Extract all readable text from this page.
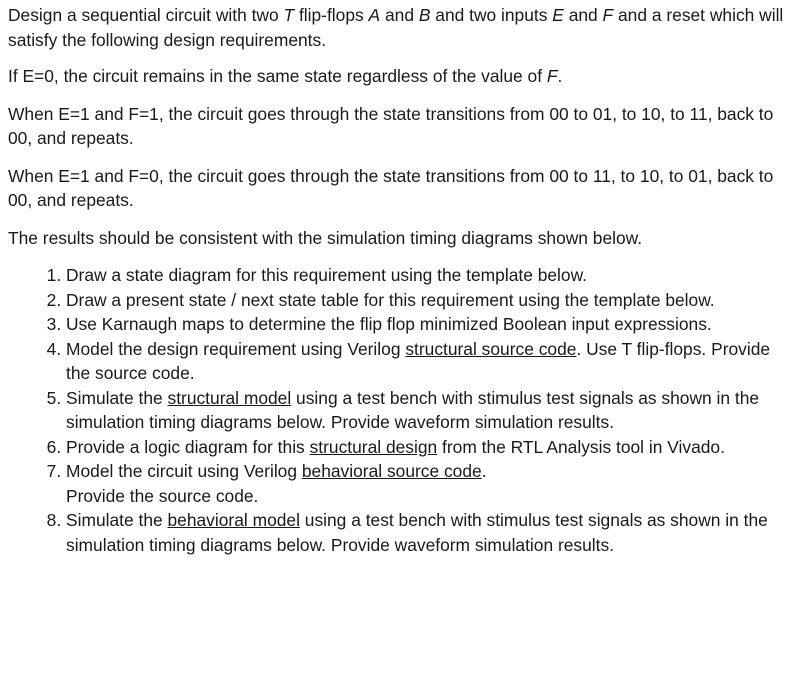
Design a sequential circuit with two T flip-flops A and B and two inputs E and F and a reset which will satisfy the following design requirements.

If E=0, the circuit remains in the same state regardless of the value of F.

When E=1 and F=1, the circuit goes through the state transitions from 00 to 01, to 10, to 11, back to 00, and repeats.

When E=1 and F=0, the circuit goes through the state transitions from 00 to 11, to 10, to 01, back to 00, and repeats.

The results should be consistent with the simulation timing diagrams shown below.

1. Draw a state diagram for this requirement using the template below.
2. Draw a present state / next state table for this requirement using the template below.
3. Use Karnaugh maps to determine the flip flop minimized Boolean input expressions.
4. Model the design requirement using Verilog structural source code. Use T flip-flops. Provide the source code.
5. Simulate the structural model using a test bench with stimulus test signals as shown in the simulation timing diagrams below. Provide waveform simulation results.
6. Provide a logic diagram for this structural design from the RTL Analysis tool in Vivado.
7. Model the circuit using Verilog behavioral source code.
Provide the source code.
8. Simulate the behavioral model using a test bench with stimulus test signals as shown in the simulation timing diagrams below. Provide waveform simulation results.
